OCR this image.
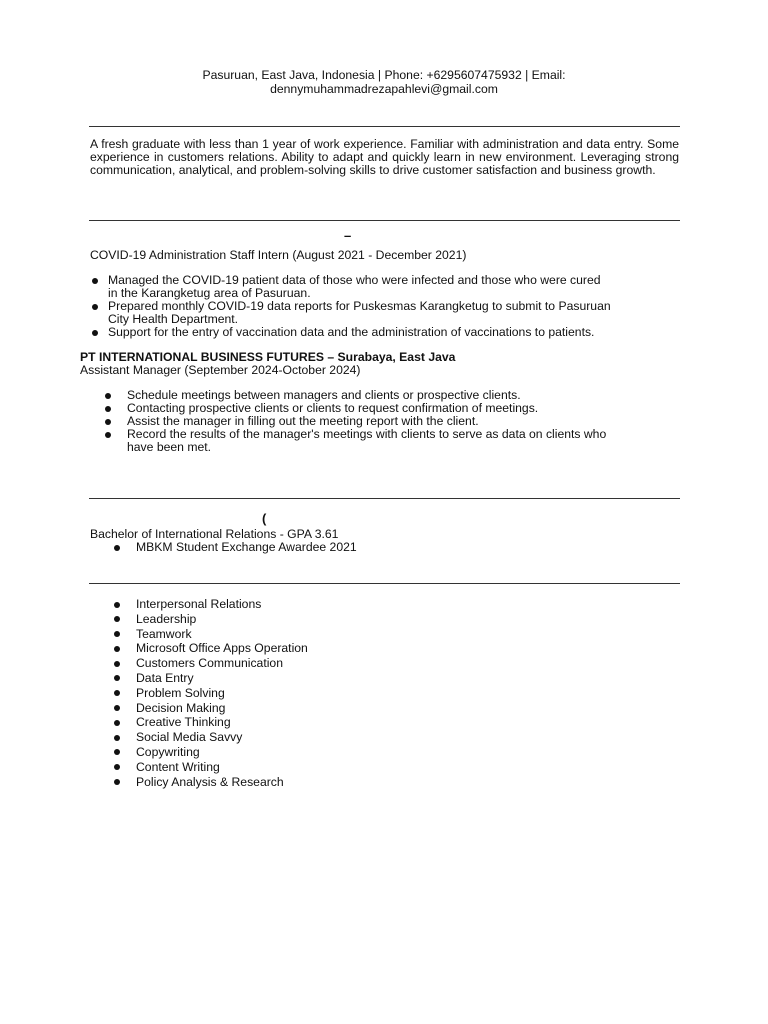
Pasuruan, East Java, Indonesia | Phone: +6295607475932 | Email:
dennymuhammadrezapahlevi@gmail.com
A fresh graduate with less than 1 year of work experience. Familiar with administration and data entry. Some experience in customers relations. Ability to adapt and quickly learn in new environment. Leveraging strong communication, analytical, and problem-solving skills to drive customer satisfaction and business growth.
–
COVID-19 Administration Staff Intern (August 2021 - December 2021)
Managed the COVID-19 patient data of those who were infected and those who were cured
in the Karangketug area of Pasuruan.
Prepared monthly COVID-19 data reports for Puskesmas Karangketug to submit to Pasuruan
City Health Department.
Support for the entry of vaccination data and the administration of vaccinations to patients.
PT INTERNATIONAL BUSINESS FUTURES – Surabaya, East Java
Assistant Manager (September 2024-October 2024)
Schedule meetings between managers and clients or prospective clients.
Contacting prospective clients or clients to request confirmation of meetings.
Assist the manager in filling out the meeting report with the client.
Record the results of the manager's meetings with clients to serve as data on clients who
have been met.
(
Bachelor of International Relations - GPA 3.61
MBKM Student Exchange Awardee 2021
Interpersonal Relations
Leadership
Teamwork
Microsoft Office Apps Operation
Customers Communication
Data Entry
Problem Solving
Decision Making
Creative Thinking
Social Media Savvy
Copywriting
Content Writing
Policy Analysis & Research
